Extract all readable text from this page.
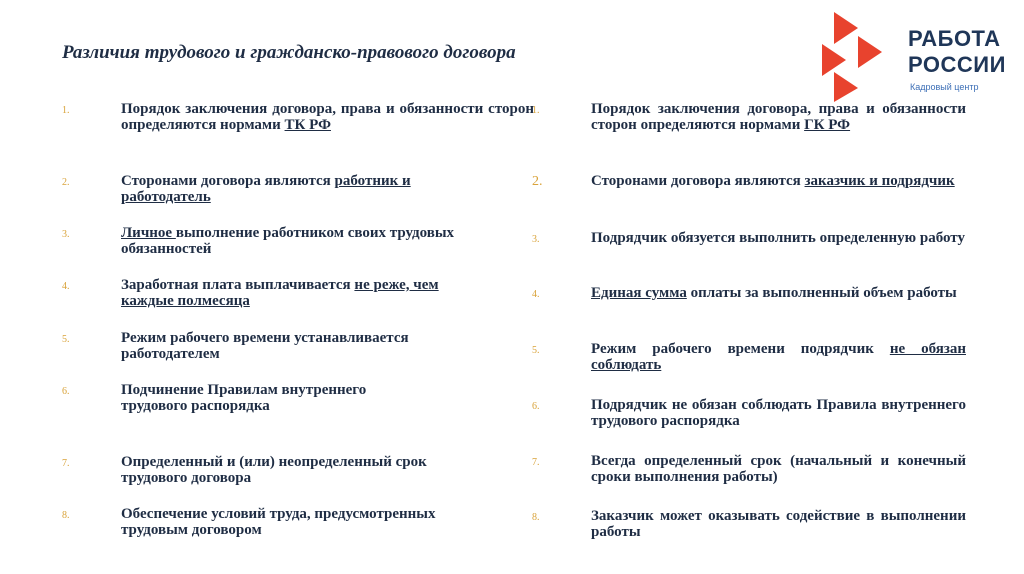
Различия трудового и гражданско-правового договора
РАБОТА
РОССИИ
Кадровый центр
1.	Порядок заключения договора, права и обязанности сторон определяются нормами ТК РФ
2.	Сторонами договора являются работник и работодатель
3.	Личное выполнение работником своих трудовых обязанностей
4.	Заработная плата выплачивается не реже, чем каждые полмесяца
5.	Режим рабочего времени устанавливается работодателем
6.	Подчинение Правилам внутреннего трудового распорядка
7.	Определенный и (или) неопределенный срок трудового договора
8.	Обеспечение условий труда, предусмотренных трудовым договором
1.	Порядок заключения договора, права и обязанности сторон определяются нормами ГК РФ
2.	Сторонами договора являются заказчик и подрядчик
3.	Подрядчик обязуется выполнить определенную работу
4.	Единая сумма оплаты за выполненный объем работы
5.	Режим рабочего времени подрядчик не обязан соблюдать
6.	Подрядчик не обязан соблюдать Правила внутреннего трудового распорядка
7.	Всегда определенный срок (начальный и конечный сроки выполнения работы)
8.	Заказчик может оказывать содействие в выполнении работы
